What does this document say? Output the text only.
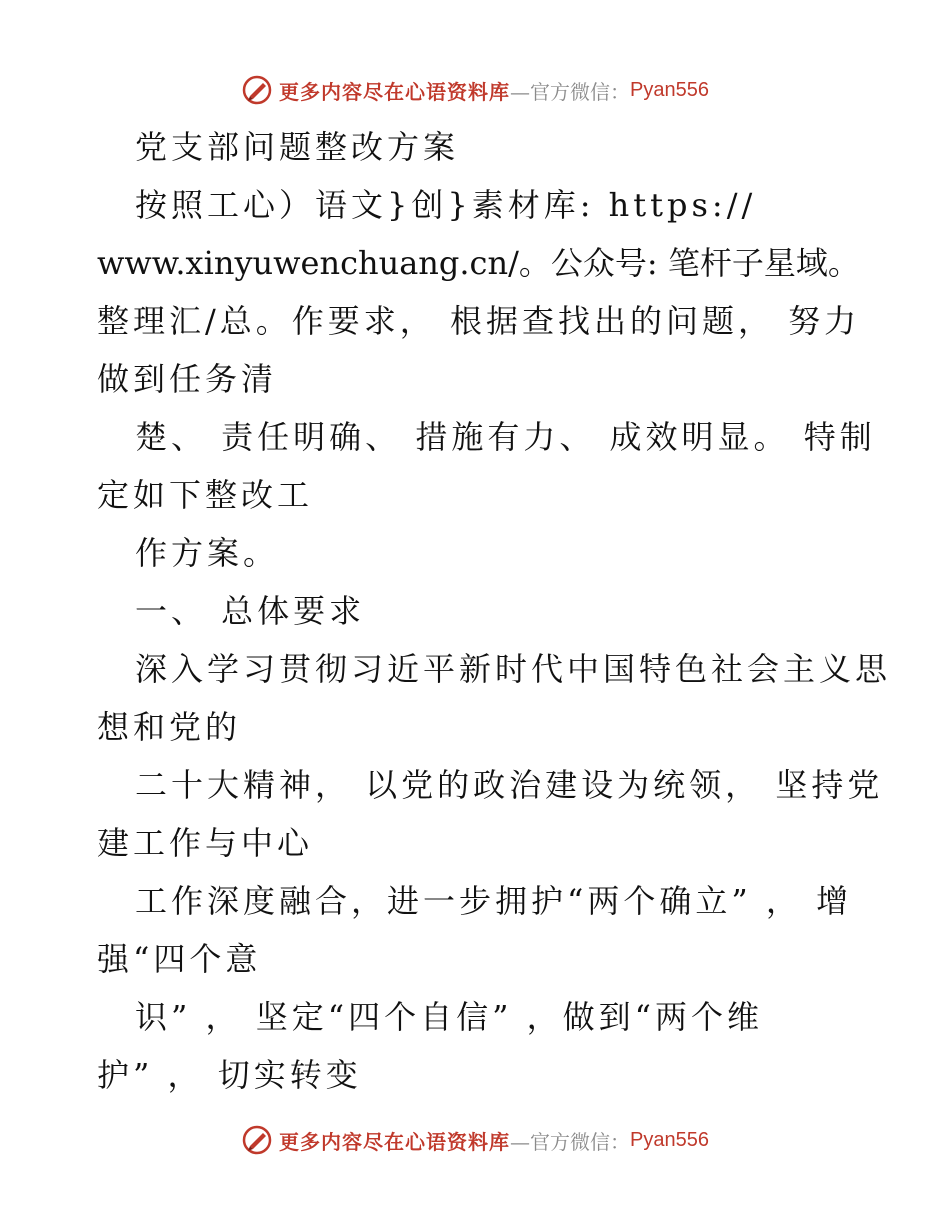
更多内容尽在心语资料库 —官方微信： Pyan556
党支部问题整改方案
按照工心）语文}创}素材库: https://
www.xinyuwenchuang.cn/。公众号: 笔杆子星域。
整理汇/总。作要求， 根据查找出的问题， 努力
做到任务清
楚、 责任明确、 措施有力、 成效明显。 特制
定如下整改工
作方案。
一、 总体要求
深入学习贯彻习近平新时代中国特色社会主义思
想和党的
二十大精神， 以党的政治建设为统领， 坚持党
建工作与中心
工作深度融合，进一步拥护“两个确立” ， 增
强“四个意
识” ， 坚定“四个自信” ，做到“两个维
护” ， 切实转变
更多内容尽在心语资料库 —官方微信： Pyan556
